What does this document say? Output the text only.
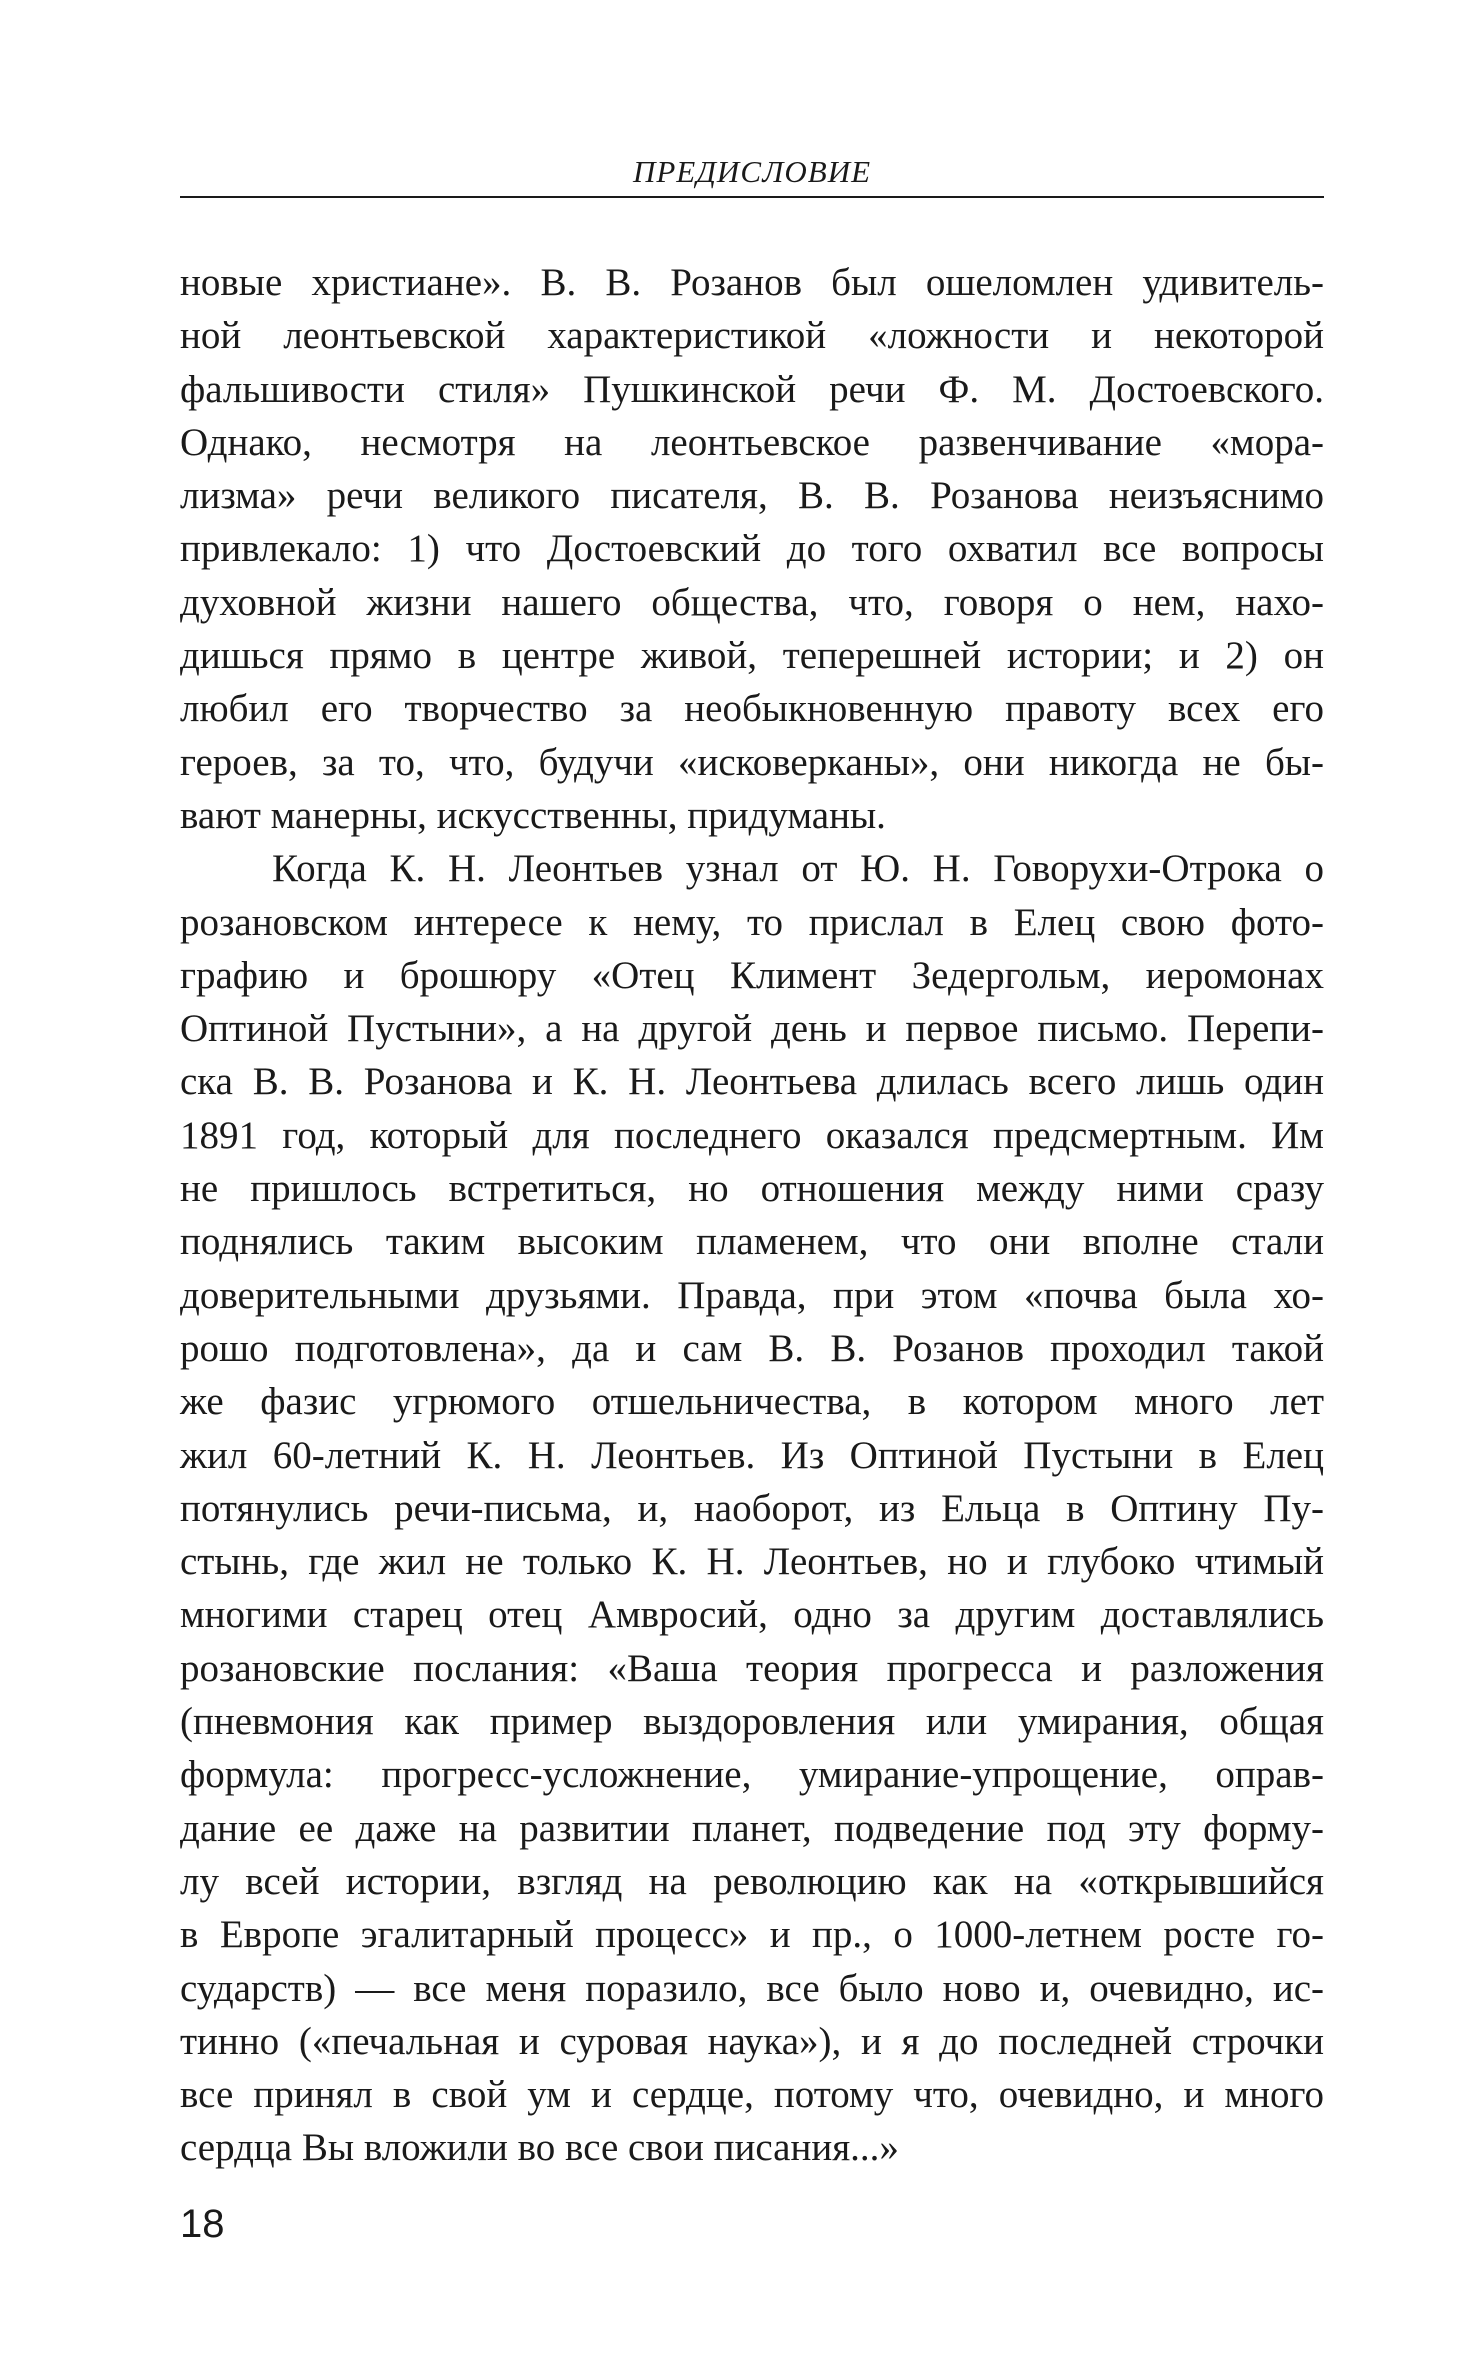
ПРЕДИСЛОВИЕ
новые христиане». В. В. Розанов был ошеломлен удивитель-
ной леонтьевской характеристикой «ложности и некоторой
фальшивости стиля» Пушкинской речи Ф. М. Достоевского.
Однако, несмотря на леонтьевское развенчивание «мора-
лизма» речи великого писателя, В. В. Розанова неизъяснимо
привлекало: 1) что Достоевский до того охватил все вопросы
духовной жизни нашего общества, что, говоря о нем, нахо-
дишься прямо в центре живой, теперешней истории; и 2) он
любил его творчество за необыкновенную правоту всех его
героев, за то, что, будучи «исковерканы», они никогда не бы-
вают манерны, искусственны, придуманы.
Когда К. Н. Леонтьев узнал от Ю. Н. Говорухи-Отрока о
розановском интересе к нему, то прислал в Елец свою фото-
графию и брошюру «Отец Климент Зедергольм, иеромонах
Оптиной Пустыни», а на другой день и первое письмо. Перепи-
ска В. В. Розанова и К. Н. Леонтьева длилась всего лишь один
1891 год, который для последнего оказался предсмертным. Им
не пришлось встретиться, но отношения между ними сразу
поднялись таким высоким пламенем, что они вполне стали
доверительными друзьями. Правда, при этом «почва была хо-
рошо подготовлена», да и сам В. В. Розанов проходил такой
же фазис угрюмого отшельничества, в котором много лет
жил 60-летний К. Н. Леонтьев. Из Оптиной Пустыни в Елец
потянулись речи-письма, и, наоборот, из Ельца в Оптину Пу-
стынь, где жил не только К. Н. Леонтьев, но и глубоко чтимый
многими старец отец Амвросий, одно за другим доставлялись
розановские послания: «Ваша теория прогресса и разложения
(пневмония как пример выздоровления или умирания, общая
формула: прогресс-усложнение, умирание-упрощение, оправ-
дание ее даже на развитии планет, подведение под эту форму-
лу всей истории, взгляд на революцию как на «открывшийся
в Европе эгалитарный процесс» и пр., о 1000-летнем росте го-
сударств) — все меня поразило, все было ново и, очевидно, ис-
тинно («печальная и суровая наука»), и я до последней строчки
все принял в свой ум и сердце, потому что, очевидно, и много
сердца Вы вложили во все свои писания...»
18
